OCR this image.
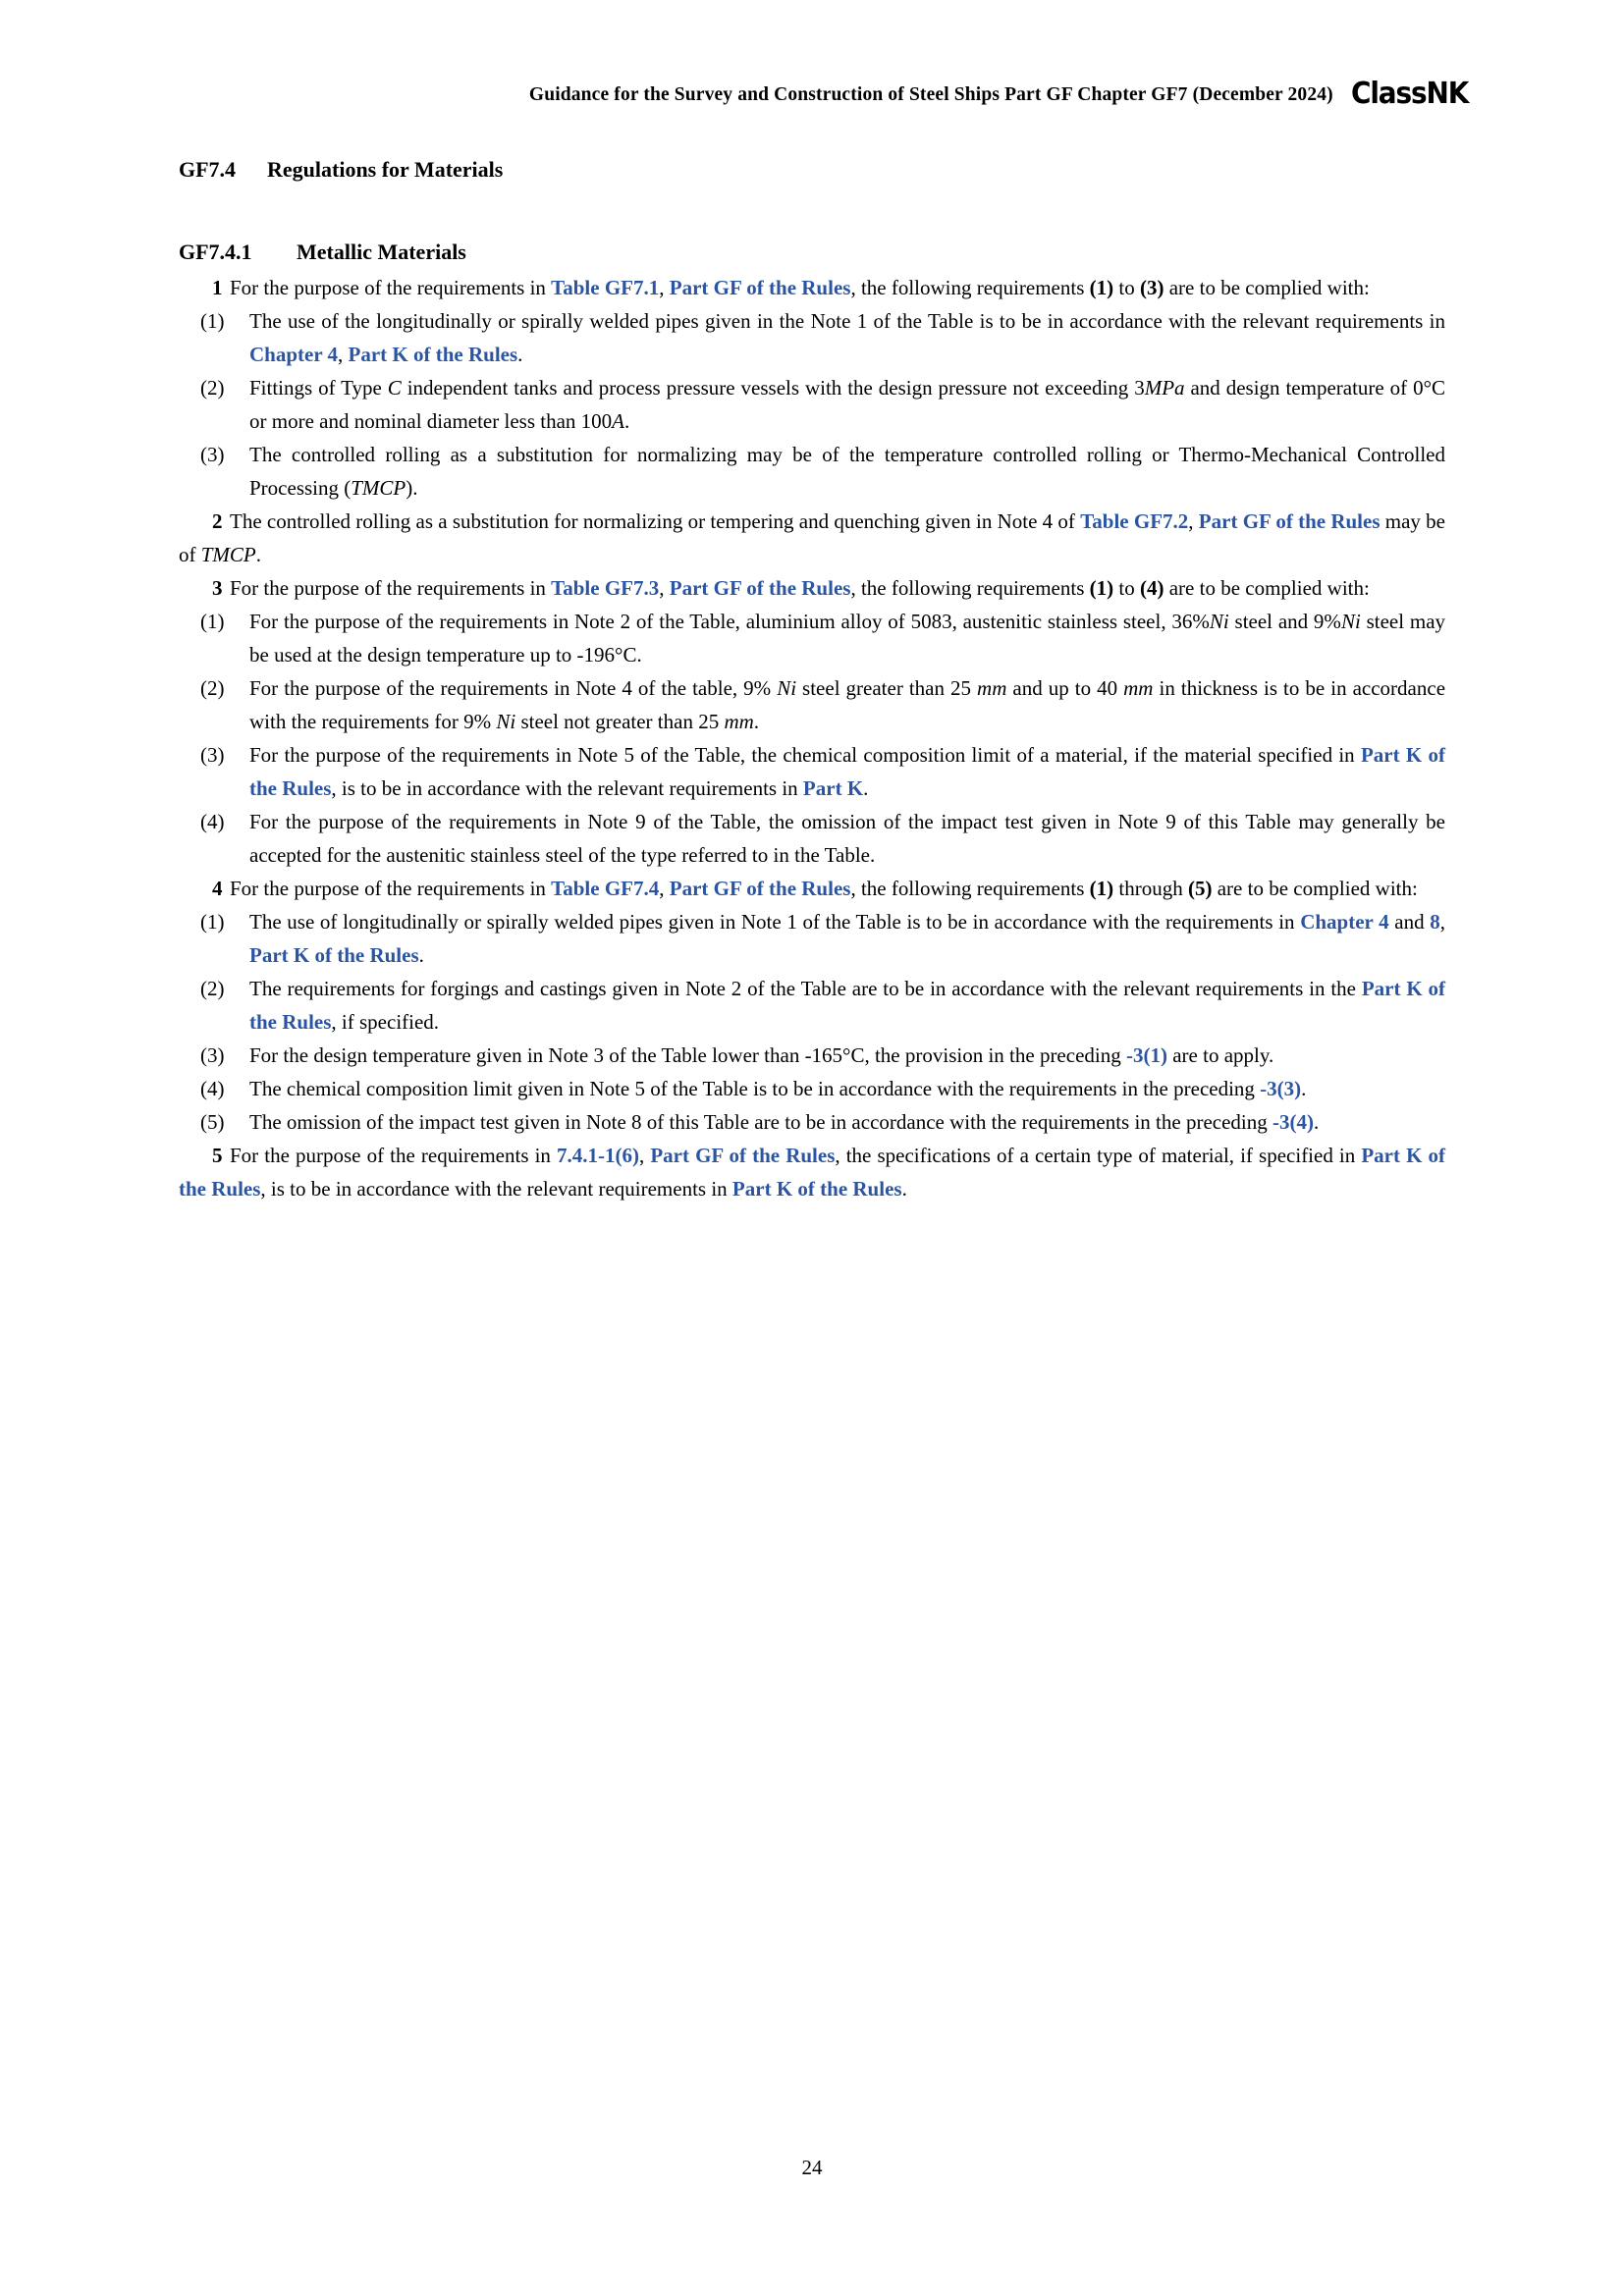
Guidance for the Survey and Construction of Steel Ships Part GF Chapter GF7 (December 2024) ClassNK
GF7.4	Regulations for Materials
GF7.4.1	Metallic Materials

1 For the purpose of the requirements in Table GF7.1, Part GF of the Rules, the following requirements (1) to (3) are to be complied with:

(1) The use of the longitudinally or spirally welded pipes given in the Note 1 of the Table is to be in accordance with the relevant requirements in Chapter 4, Part K of the Rules.

(2) Fittings of Type C independent tanks and process pressure vessels with the design pressure not exceeding 3MPa and design temperature of 0°C or more and nominal diameter less than 100A.

(3) The controlled rolling as a substitution for normalizing may be of the temperature controlled rolling or Thermo-Mechanical Controlled Processing (TMCP).

2 The controlled rolling as a substitution for normalizing or tempering and quenching given in Note 4 of Table GF7.2, Part GF of the Rules may be of TMCP.

3 For the purpose of the requirements in Table GF7.3, Part GF of the Rules, the following requirements (1) to (4) are to be complied with:

(1) For the purpose of the requirements in Note 2 of the Table, aluminium alloy of 5083, austenitic stainless steel, 36%Ni steel and 9%Ni steel may be used at the design temperature up to -196°C.

(2) For the purpose of the requirements in Note 4 of the table, 9% Ni steel greater than 25 mm and up to 40 mm in thickness is to be in accordance with the requirements for 9% Ni steel not greater than 25 mm.

(3) For the purpose of the requirements in Note 5 of the Table, the chemical composition limit of a material, if the material specified in Part K of the Rules, is to be in accordance with the relevant requirements in Part K.

(4) For the purpose of the requirements in Note 9 of the Table, the omission of the impact test given in Note 9 of this Table may generally be accepted for the austenitic stainless steel of the type referred to in the Table.

4 For the purpose of the requirements in Table GF7.4, Part GF of the Rules, the following requirements (1) through (5) are to be complied with:

(1) The use of longitudinally or spirally welded pipes given in Note 1 of the Table is to be in accordance with the requirements in Chapter 4 and 8, Part K of the Rules.

(2) The requirements for forgings and castings given in Note 2 of the Table are to be in accordance with the relevant requirements in the Part K of the Rules, if specified.

(3) For the design temperature given in Note 3 of the Table lower than -165°C, the provision in the preceding -3(1) are to apply.

(4) The chemical composition limit given in Note 5 of the Table is to be in accordance with the requirements in the preceding -3(3).

(5) The omission of the impact test given in Note 8 of this Table are to be in accordance with the requirements in the preceding -3(4).

5 For the purpose of the requirements in 7.4.1-1(6), Part GF of the Rules, the specifications of a certain type of material, if specified in Part K of the Rules, is to be in accordance with the relevant requirements in Part K of the Rules.

24
